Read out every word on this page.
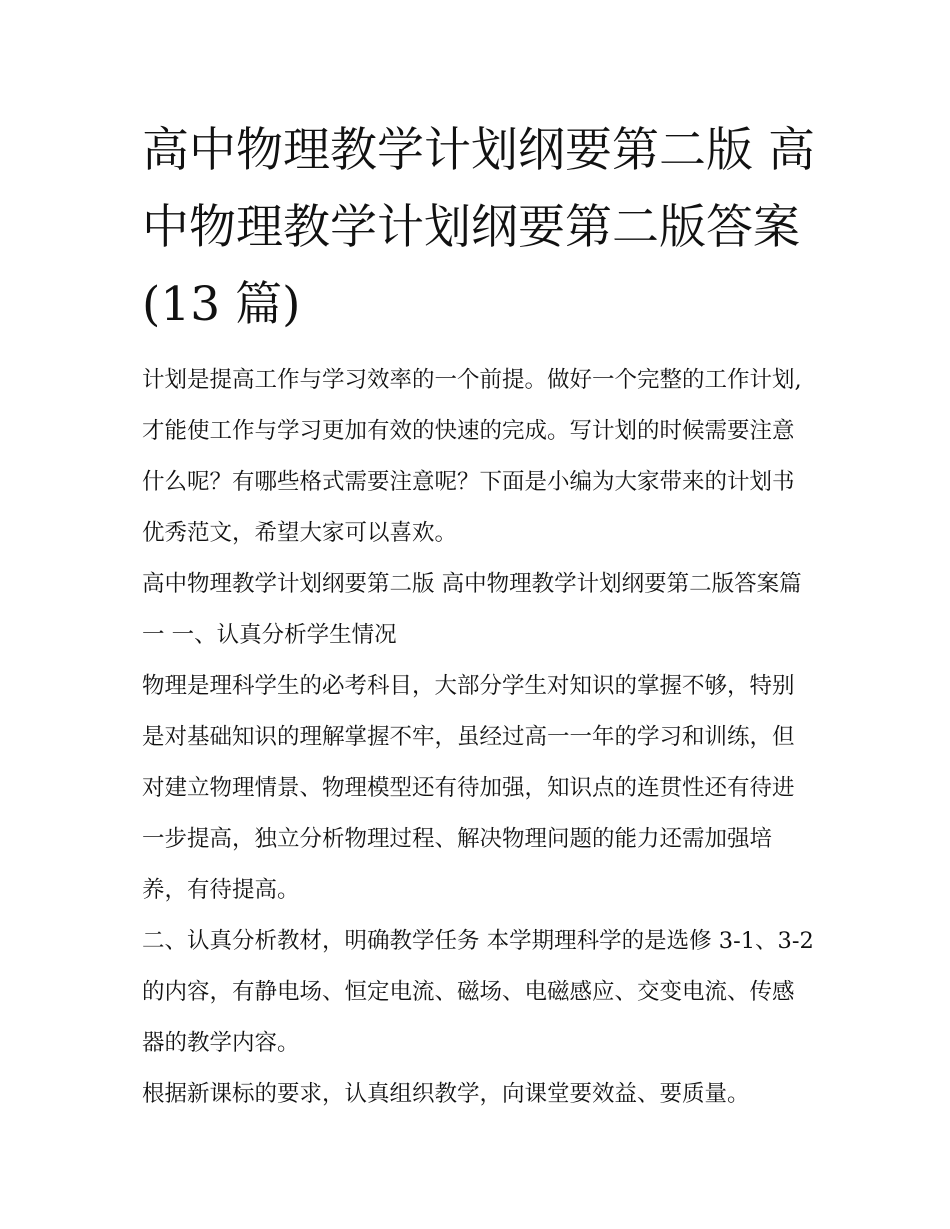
高中物理教学计划纲要第二版 高中物理教学计划纲要第二版答案(13 篇)

计划是提高工作与学习效率的一个前提。做好一个完整的工作计划,才能使工作与学习更加有效的快速的完成。写计划的时候需要注意什么呢？有哪些格式需要注意呢？下面是小编为大家带来的计划书优秀范文，希望大家可以喜欢。

高中物理教学计划纲要第二版 高中物理教学计划纲要第二版答案篇一 一、认真分析学生情况

物理是理科学生的必考科目，大部分学生对知识的掌握不够，特别是对基础知识的理解掌握不牢，虽经过高一一年的学习和训练，但对建立物理情景、物理模型还有待加强，知识点的连贯性还有待进一步提高，独立分析物理过程、解决物理问题的能力还需加强培养，有待提高。

二、认真分析教材，明确教学任务 本学期理科学的是选修 3-1、3-2 的内容，有静电场、恒定电流、磁场、电磁感应、交变电流、传感器的教学内容。

根据新课标的要求，认真组织教学，向课堂要效益、要质量。
